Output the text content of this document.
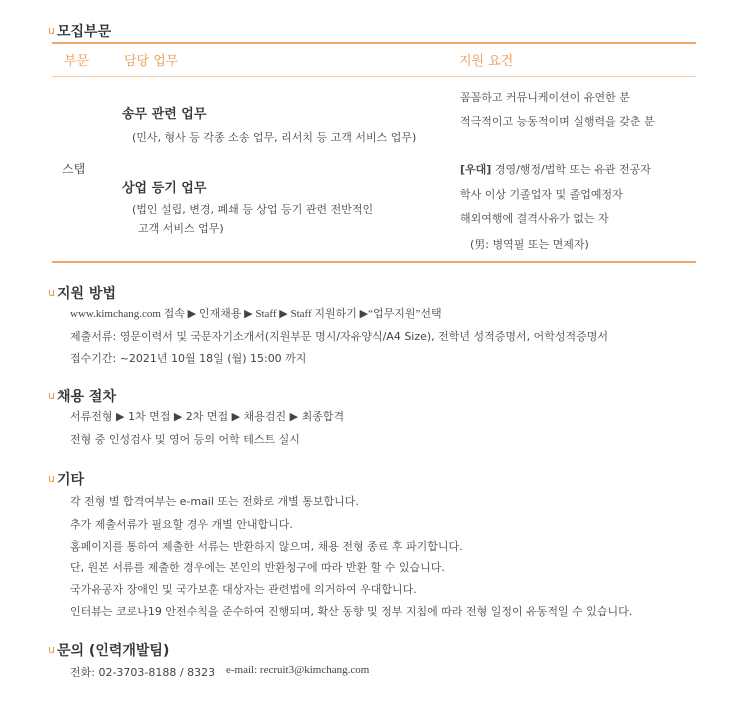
u 모집부문
부문	담당 업무	지원 요건
스탭
송무 관련 업무
(민사, 형사 등 각종 소송 업무, 리서치 등 고객 서비스 업무)
상업 등기 업무
(법인 설립, 변경, 폐쇄 등 상업 등기 관련 전반적인
고객 서비스 업무)
꼼꼼하고 커뮤니케이션이 유연한 분
적극적이고 능동적이며 실행력을 갖춘 분
[우대] 경영/행정/법학 또는 유관 전공자
학사 이상 기졸업자 및 졸업예정자
해외여행에 결격사유가 없는 자
(男: 병역필 또는 면제자)
u 지원 방법
www.kimchang.com 접속 ▶ 인재채용 ▶ Staff ▶ Staff 지원하기 ▶“업무지원”선택
제출서류: 영문이력서 및 국문자기소개서(지원부문 명시/자유양식/A4 Size), 전학년 성적증명서, 어학성적증명서
접수기간: ~2021년 10월 18일 (월) 15:00 까지
u 채용 절차
서류전형 ▶ 1차 면접 ▶ 2차 면접 ▶ 채용검진 ▶ 최종합격
전형 중 인성검사 및 영어 등의 어학 테스트 실시
u 기타
각 전형 별 합격여부는 e-mail 또는 전화로 개별 통보합니다.
추가 제출서류가 필요할 경우 개별 안내합니다.
홈페이지를 통하여 제출한 서류는 반환하지 않으며, 채용 전형 종료 후 파기합니다.
단, 원본 서류를 제출한 경우에는 본인의 반환청구에 따라 반환 할 수 있습니다.
국가유공자 장애인 및 국가보훈 대상자는 관련법에 의거하여 우대합니다.
인터뷰는 코로나19 안전수칙을 준수하여 진행되며, 확산 동향 및 정부 지침에 따라 전형 일정이 유동적일 수 있습니다.
u 문의 (인력개발팀)
전화: 02-3703-8188 / 8323 e-mail: recruit3@kimchang.com
